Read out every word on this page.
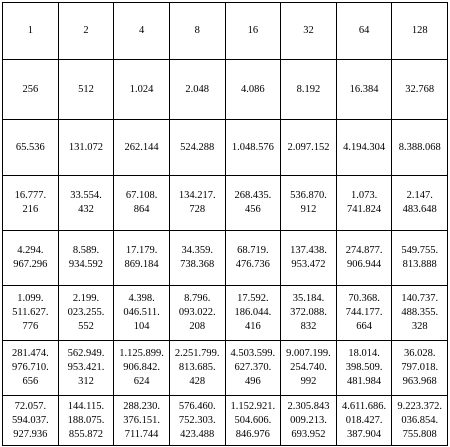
1	2	4	8	16	32	64	128

256	512	1.024	2.048	4.086	8.192	16.384	32.768

65.536	131.072	262.144	524.288	1.048.576	2.097.152	4.194.304	8.388.068

16.777.
216	33.554.
432	67.108.
864	134.217.
728	268.435.
456	536.870.
912	1.073.
741.824	2.147.
483.648

4.294.
967.296	8.589.
934.592	17.179.
869.184	34.359.
738.368	68.719.
476.736	137.438.
953.472	274.877.
906.944	549.755.
813.888

1.099.
511.627.
776	2.199.
023.255.
552	4.398.
046.511.
104	8.796.
093.022.
208	17.592.
186.044.
416	35.184.
372.088.
832	70.368.
744.177.
664	140.737.
488.355.
328

281.474.
976.710.
656	562.949.
953.421.
312	1.125.899.
906.842.
624	2.251.799.
813.685.
428	4.503.599.
627.370.
496	9.007.199.
254.740.
992	18.014.
398.509.
481.984	36.028.
797.018.
963.968

72.057.
594.037.
927.936	144.115.
188.075.
855.872	288.230.
376.151.
711.744	576.460.
752.303.
423.488	1.152.921.
504.606.
846.976	2.305.843
009.213.
693.952	4.611.686.
018.427.
387.904	9.223.372.
036.854.
755.808
